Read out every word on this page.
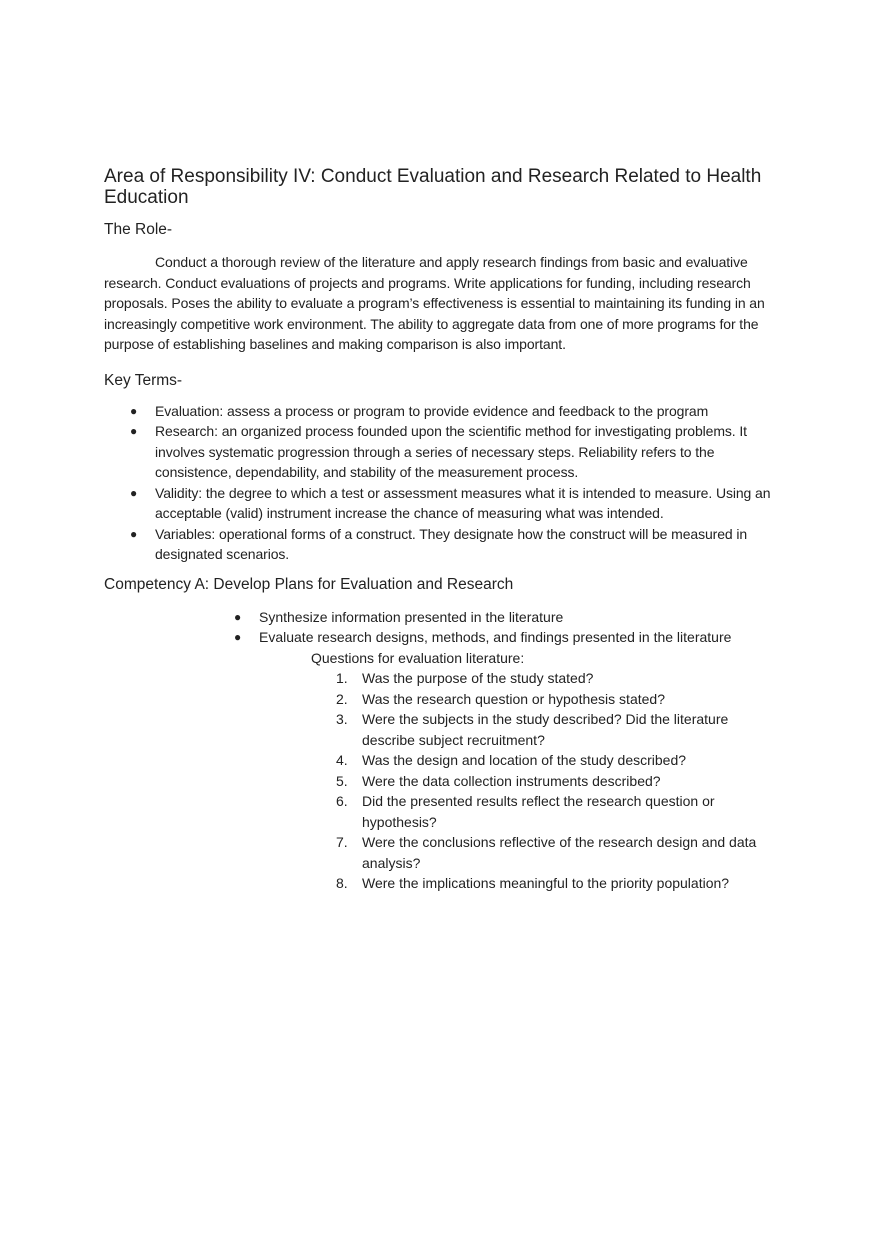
Area of Responsibility IV: Conduct Evaluation and Research Related to Health Education
The Role-

Conduct a thorough review of the literature and apply research findings from basic and evaluative research. Conduct evaluations of projects and programs. Write applications for funding, including research proposals. Poses the ability to evaluate a program’s effectiveness is essential to maintaining its funding in an increasingly competitive work environment. The ability to aggregate data from one of more programs for the purpose of establishing baselines and making comparison is also important.

Key Terms-
● Evaluation: assess a process or program to provide evidence and feedback to the program
● Research: an organized process founded upon the scientific method for investigating problems. It involves systematic progression through a series of necessary steps. Reliability refers to the consistence, dependability, and stability of the measurement process.
● Validity: the degree to which a test or assessment measures what it is intended to measure. Using an acceptable (valid) instrument increase the chance of measuring what was intended.
● Variables: operational forms of a construct. They designate how the construct will be measured in designated scenarios.
Competency A: Develop Plans for Evaluation and Research
● Synthesize information presented in the literature
● Evaluate research designs, methods, and findings presented in the literature
Questions for evaluation literature:
1. Was the purpose of the study stated?
2. Was the research question or hypothesis stated?
3. Were the subjects in the study described? Did the literature describe subject recruitment?
4. Was the design and location of the study described?
5. Were the data collection instruments described?
6. Did the presented results reflect the research question or hypothesis?
7. Were the conclusions reflective of the research design and data analysis?
8. Were the implications meaningful to the priority population?
